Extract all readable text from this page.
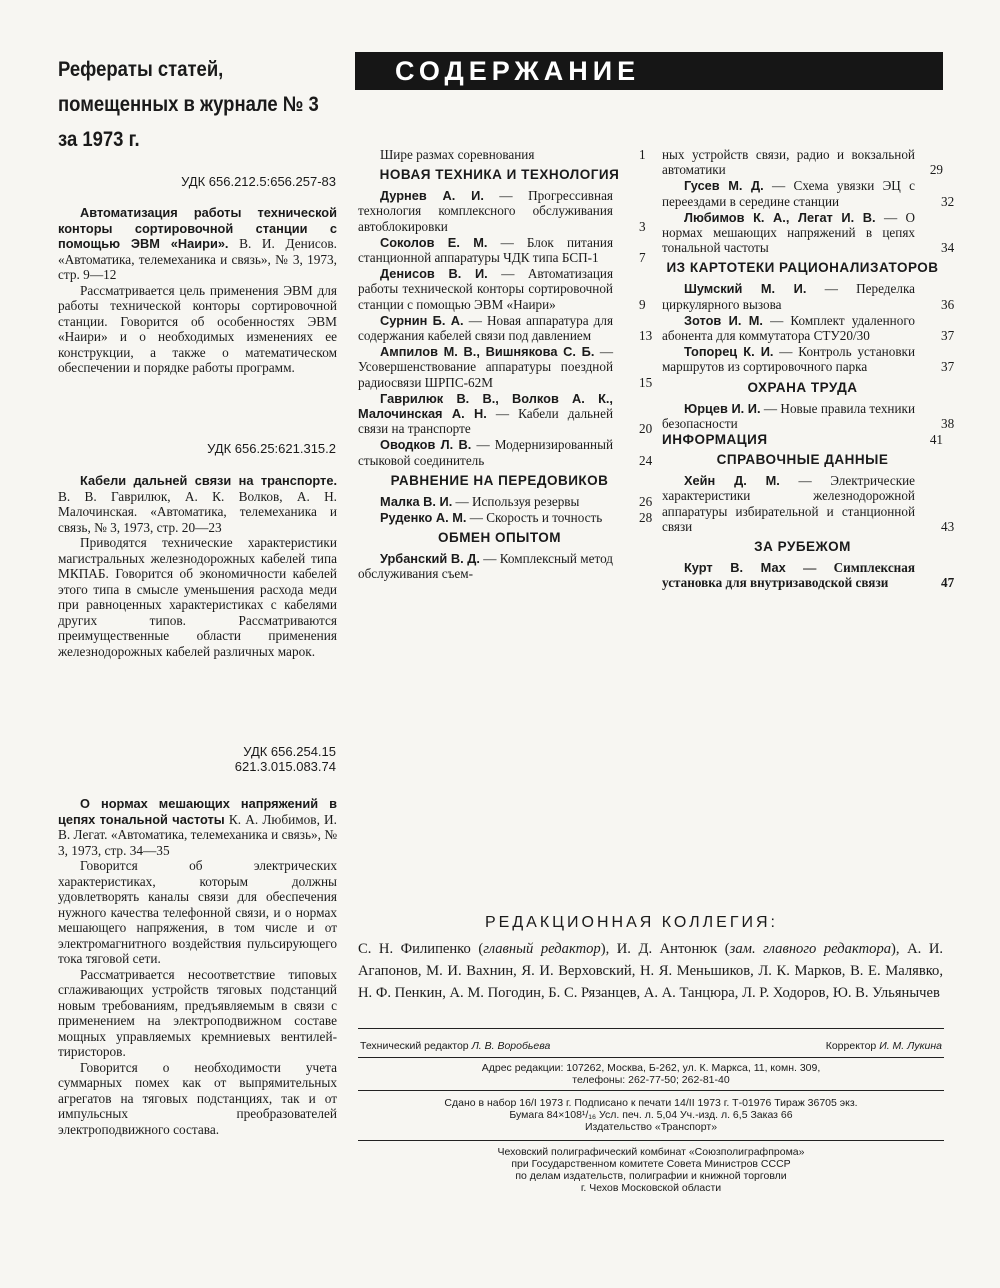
Рефераты статей,
помещенных в журнале № 3
за 1973 г.
УДК 656.212.5:656.257-83

Автоматизация работы техничеcкой конторы сортировочной станции с помощью ЭВМ «Наири». В. И. Денисов. «Автоматика, телемеханика и связь», № 3, 1973, стр. 9—12

Рассматривается цель применения ЭВМ для работы технической конторы сортировочной станции. Говорится об особенностях ЭВМ «Наири» и о необходимых изменениях ее конструкции, а также о математическом обеспечении и порядке работы программ.

УДК 656.25:621.315.2

Кабели дальней связи на транспорте. В. В. Гаврилюк, А. К. Волков, А. Н. Малочинская. «Автоматика, телемеханика и связь, № 3, 1973, стр. 20—23

Приводятся технические характеристики магистральных железнодорожных кабелей типа МКПАБ. Говорится об экономичности кабелей этого типа в смысле уменьшения расхода меди при равноценных характеристиках с кабелями других типов. Расcматриваются преимущественные области применения железнодорожных кабелей различных марок.

УДК 656.254.15
621.3.015.083.74

О нормах мешающих напряжений в цепях тональной частоты К. А. Любимов, И. В. Легат. «Автоматика, телемеханика и связь», № 3, 1973, стр. 34—35

Говорится об электрических характеристиках, которым должны удовлетворять каналы связи для обеспечения нужного качества телефонной связи, и о нормах мешающего напряжения, в том числе и от электромагнитного воздействия пульсирующего тока тяговой сети.

Рассматривается несоответствие типовых сглаживающих устройств тяговых подстанций новым требованиям, предъявляемым в связи с применением на электроподвижном составе мощных управляемых кремниевых вентилей-тиристоров.

Говорится о необходимости учета суммарных помех как от выпрямительных агрегатов на тяговых подстанциях, так и от импульсных преобразователей электроподвижного состава.

СОДЕРЖАНИЕ
Шире размах соревнования	1
НОВАЯ ТЕХНИКА И ТЕХНОЛОГИЯ
Дурнев А. И. — Прогрессивная технология комплексного обслуживания автоблокировки	3
Соколов Е. М. — Блок питания станционной аппаратуры ЧДК типа БСП-1	7
Денисов В. И. — Автоматизация работы технической конторы сортировочной станции с помощью ЭВМ «Наири»	9
Сурнин Б. А. — Новая аппаратура для содержания кабелей связи под давлением	13
Ампилов М. В., Вишнякова С. Б. — Усовершенствование аппаратуры поездной радиосвязи ШРПС-62М	15
Гаврилюк В. В., Волков А. К., Малочинская А. Н. — Кабели дальней связи на транспорте	20
Оводков Л. В. — Модернизированный стыковой соединитель	24
РАВНЕНИЕ НА ПЕРЕДОВИКОВ
Малка В. И. — Используя резервы	26
Руденко А. М. — Скорость и точность	28
ОБМЕН ОПЫТОМ
Урбанский В. Д. — Комплексный метод обслуживания съем-
ных устройств связи, радио и вокзальной автоматики	29
Гусев М. Д. — Схема увязки ЭЦ с переездами в середине станции	32
Любимов К. А., Легат И. В. — О нормах мешающих напряжений в цепях тональной частоты	34
ИЗ КАРТОТЕКИ РАЦИОНАЛИЗАТОРОВ
Шумский М. И. — Переделка циркулярного вызова	36
Зотов И. М. — Комплект удаленного абонента для коммутатора СТУ20/30	37
Топорец К. И. — Контроль установки маршрутов из сортировочного парка	37
ОХРАНА ТРУДА
Юрцев И. И. — Новые правила техники безопасности	38
ИНФОРМАЦИЯ	41
СПРАВОЧНЫЕ ДАННЫЕ
Хейн Д. М. — Электрические характеристики железнодорожной аппаратуры избирательной и станционной связи	43
ЗА РУБЕЖОМ
Курт В. Мах — Симплексная установка для внутризаводской связи	47
РЕДАКЦИОННАЯ КОЛЛЕГИЯ:
С. Н. Филипенко (главный редактор), И. Д. Антонюк (зам. главного редактора), А. И. Агапонов, М. И. Вахнин, Я. И. Верховский, Н. Я. Меньшиков, Л. К. Марков, В. Е. Малявко, Н. Ф. Пенкин, А. М. Погодин, Б. С. Рязанцев, А. А. Танцюра, Л. Р. Ходоров, Ю. В. Ульянычев
Технический редактор Л. В. Воробьева	Корректор И. М. Лукина
Адрес редакции: 107262, Москва, Б-262, ул. К. Маркса, 11, комн. 309,
телефоны: 262-77-50; 262-81-40
Сдано в набор 16/I 1973 г. Подписано к печати 14/II 1973 г. Т-01976 Тираж 36705 экз.
Бумага 84×108¹/₁₆ Усл. печ. л. 5,04 Уч.-изд. л. 6,5 Заказ 66
Издательство «Транспорт»
Чеховский полиграфический комбинат «Союзполиграфпрома»
при Государственном комитете Совета Министров СССР
по делам издательств, полиграфии и книжной торговли
г. Чехов Московской области
